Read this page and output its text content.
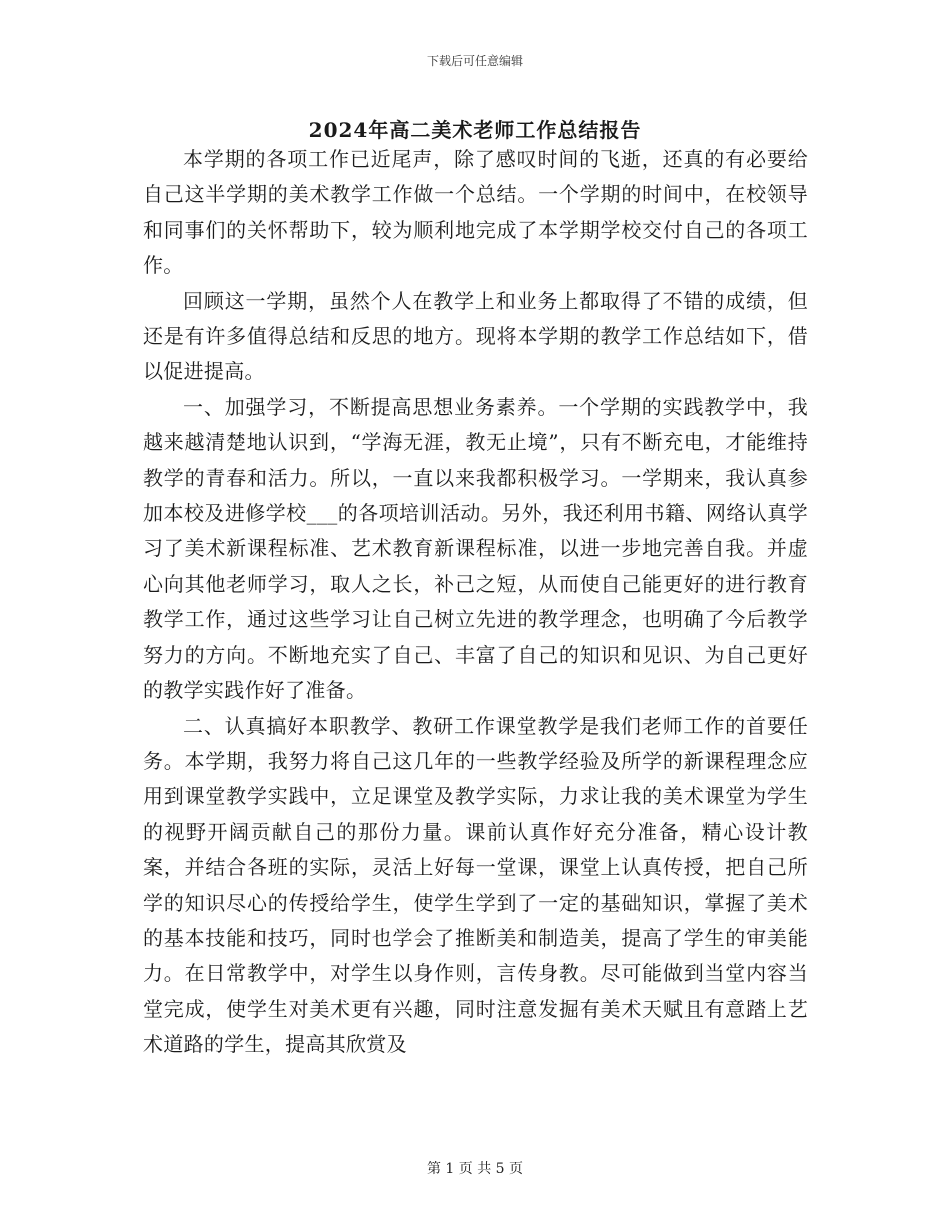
下载后可任意编辑
2024年高二美术老师工作总结报告

本学期的各项工作已近尾声，除了感叹时间的飞逝，还真的有必要给自己这半学期的美术教学工作做一个总结。一个学期的时间中，在校领导和同事们的关怀帮助下，较为顺利地完成了本学期学校交付自己的各项工作。

回顾这一学期，虽然个人在教学上和业务上都取得了不错的成绩，但还是有许多值得总结和反思的地方。现将本学期的教学工作总结如下，借以促进提高。

一、加强学习，不断提高思想业务素养。一个学期的实践教学中，我越来越清楚地认识到，“学海无涯，教无止境”，只有不断充电，才能维持教学的青春和活力。所以，一直以来我都积极学习。一学期来，我认真参加本校及进修学校___的各项培训活动。另外，我还利用书籍、网络认真学习了美术新课程标准、艺术教育新课程标准，以进一步地完善自我。并虚心向其他老师学习，取人之长，补己之短，从而使自己能更好的进行教育教学工作，通过这些学习让自己树立先进的教学理念，也明确了今后教学努力的方向。不断地充实了自己、丰富了自己的知识和见识、为自己更好的教学实践作好了准备。

二、认真搞好本职教学、教研工作课堂教学是我们老师工作的首要任务。本学期，我努力将自己这几年的一些教学经验及所学的新课程理念应用到课堂教学实践中，立足课堂及教学实际，力求让我的美术课堂为学生的视野开阔贡献自己的那份力量。课前认真作好充分准备，精心设计教案，并结合各班的实际，灵活上好每一堂课，课堂上认真传授，把自己所学的知识尽心的传授给学生，使学生学到了一定的基础知识，掌握了美术的基本技能和技巧，同时也学会了推断美和制造美，提高了学生的审美能力。在日常教学中，对学生以身作则，言传身教。尽可能做到当堂内容当堂完成，使学生对美术更有兴趣，同时注意发掘有美术天赋且有意踏上艺术道路的学生，提高其欣赏及

第 1 页 共 5 页
